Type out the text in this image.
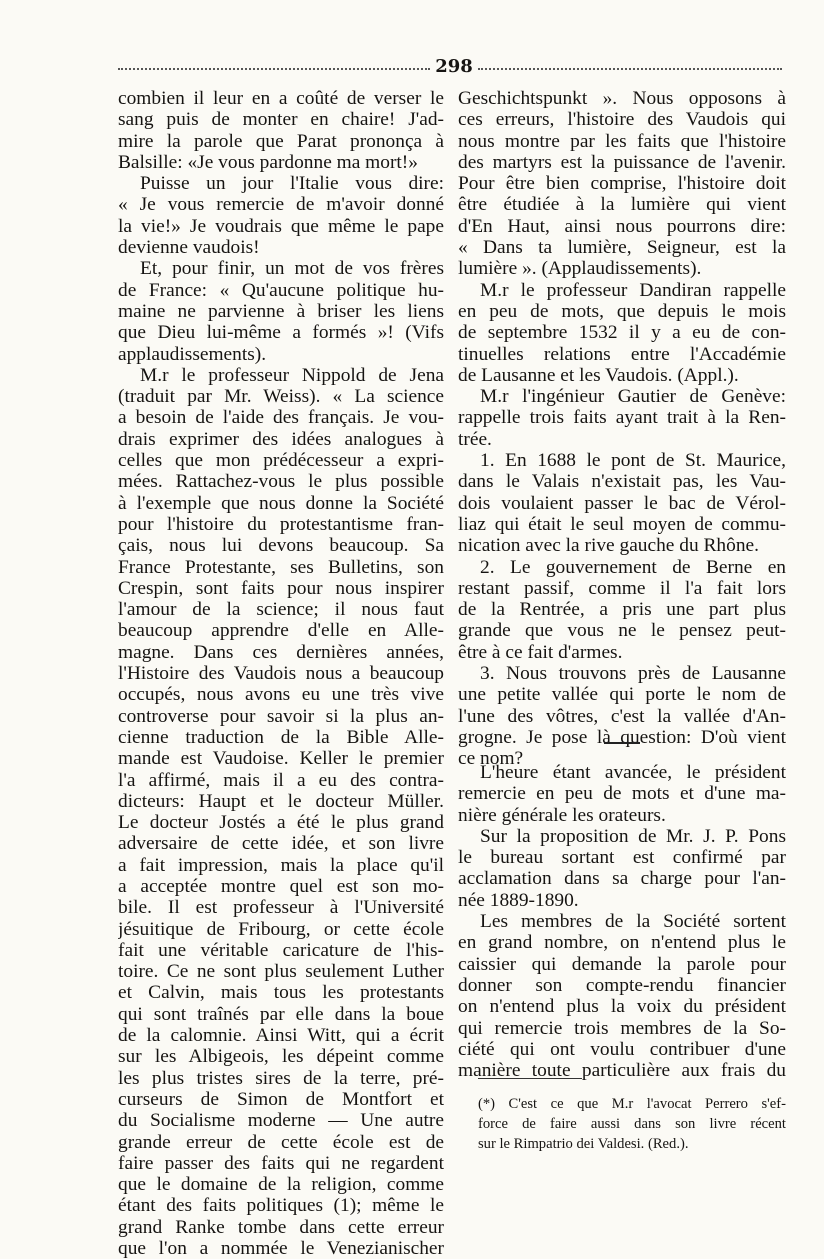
298
combien il leur en a coûté de verser le
sang puis de monter en chaire! J'ad-
mire la parole que Parat prononça à
Balsille: «Je vous pardonne ma mort!»
Puisse un jour l'Italie vous dire:
« Je vous remercie de m'avoir donné
la vie!» Je voudrais que même le pape
devienne vaudois!
Et, pour finir, un mot de vos frères
de France: « Qu'aucune politique hu-
maine ne parvienne à briser les liens
que Dieu lui-même a formés »! (Vifs
applaudissements).
M.r le professeur Nippold de Jena
(traduit par Mr. Weiss). « La science
a besoin de l'aide des français. Je vou-
drais exprimer des idées analogues à
celles que mon prédécesseur a expri-
mées. Rattachez-vous le plus possible
à l'exemple que nous donne la Société
pour l'histoire du protestantisme fran-
çais, nous lui devons beaucoup. Sa
France Protestante, ses Bulletins, son
Crespin, sont faits pour nous inspirer
l'amour de la science; il nous faut
beaucoup apprendre d'elle en Alle-
magne. Dans ces dernières années,
l'Histoire des Vaudois nous a beaucoup
occupés, nous avons eu une très vive
controverse pour savoir si la plus an-
cienne traduction de la Bible Alle-
mande est Vaudoise. Keller le premier
l'a affirmé, mais il a eu des contra-
dicteurs: Haupt et le docteur Müller.
Le docteur Jostés a été le plus grand
adversaire de cette idée, et son livre
a fait impression, mais la place qu'il
a acceptée montre quel est son mo-
bile. Il est professeur à l'Université
jésuitique de Fribourg, or cette école
fait une véritable caricature de l'his-
toire. Ce ne sont plus seulement Luther
et Calvin, mais tous les protestants
qui sont traînés par elle dans la boue
de la calomnie. Ainsi Witt, qui a écrit
sur les Albigeois, les dépeint comme
les plus tristes sires de la terre, pré-
curseurs de Simon de Montfort et
du Socialisme moderne — Une autre
grande erreur de cette école est de
faire passer des faits qui ne regardent
que le domaine de la religion, comme
étant des faits politiques (1); même le
grand Ranke tombe dans cette erreur
que l'on a nommée le Venezianischer
Geschichtspunkt ». Nous opposons à
ces erreurs, l'histoire des Vaudois qui
nous montre par les faits que l'histoire
des martyrs est la puissance de l'avenir.
Pour être bien comprise, l'histoire doit
être étudiée à la lumière qui vient
d'En Haut, ainsi nous pourrons dire:
« Dans ta lumière, Seigneur, est la
lumière ». (Applaudissements).
M.r le professeur Dandiran rappelle
en peu de mots, que depuis le mois
de septembre 1532 il y a eu de con-
tinuelles relations entre l'Accadémie
de Lausanne et les Vaudois. (Appl.).
M.r l'ingénieur Gautier de Genève:
rappelle trois faits ayant trait à la Ren-
trée.
1. En 1688 le pont de St. Maurice,
dans le Valais n'existait pas, les Vau-
dois voulaient passer le bac de Vérol-
liaz qui était le seul moyen de commu-
nication avec la rive gauche du Rhône.
2. Le gouvernement de Berne en
restant passif, comme il l'a fait lors
de la Rentrée, a pris une part plus
grande que vous ne le pensez peut-
être à ce fait d'armes.
3. Nous trouvons près de Lausanne
une petite vallée qui porte le nom de
l'une des vôtres, c'est la vallée d'An-
grogne. Je pose là question: D'où vient
ce nom?
L'heure étant avancée, le président
remercie en peu de mots et d'une ma-
nière générale les orateurs.
Sur la proposition de Mr. J. P. Pons
le bureau sortant est confirmé par
acclamation dans sa charge pour l'an-
née 1889-1890.
Les membres de la Société sortent
en grand nombre, on n'entend plus le
caissier qui demande la parole pour
donner son compte-rendu financier
on n'entend plus la voix du président
qui remercie trois membres de la So-
ciété qui ont voulu contribuer d'une
manière toute particulière aux frais du
(*) C'est ce que M.r l'avocat Perrero s'ef-
force de faire aussi dans son livre récent
sur le Rimpatrio dei Valdesi. (Red.).
